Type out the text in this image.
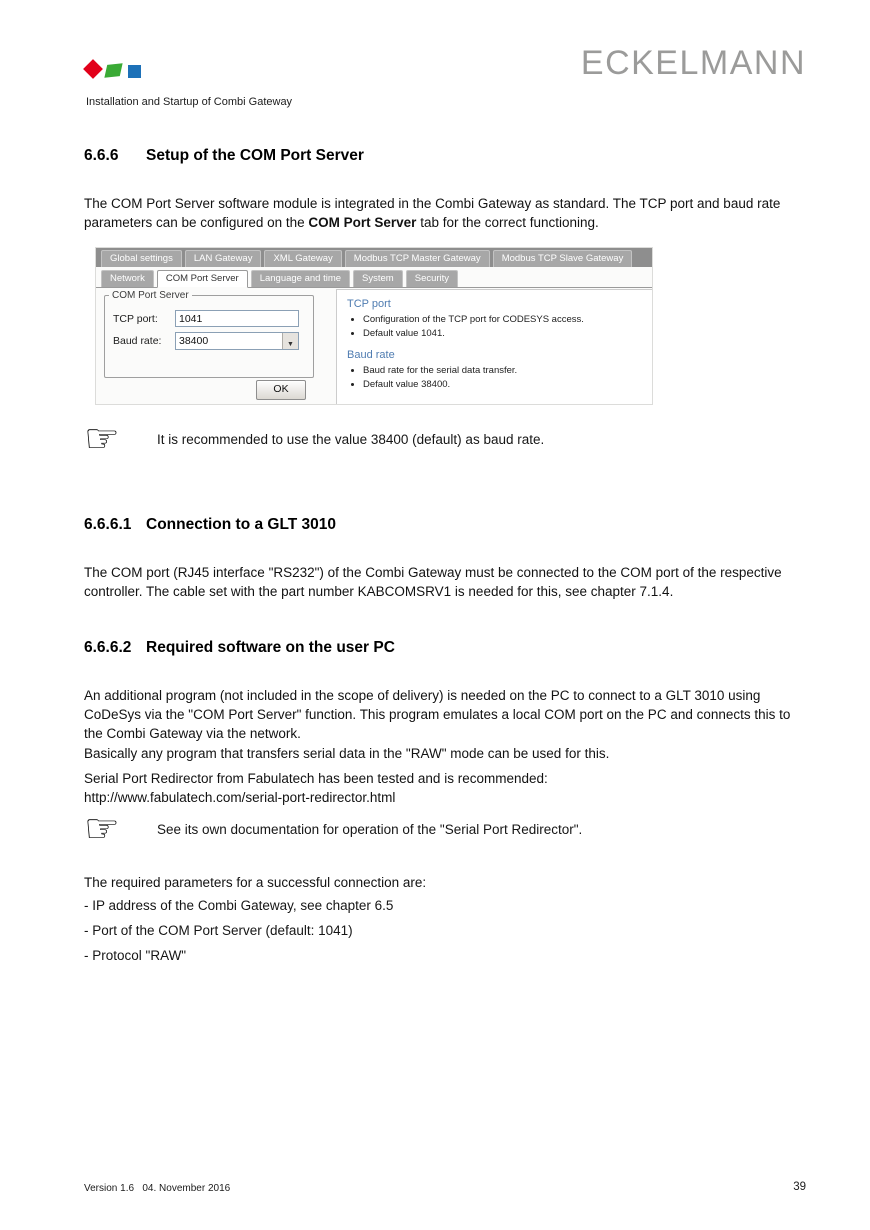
ECKELMANN
Installation and Startup of Combi Gateway
6.6.6 Setup of the COM Port Server
The COM Port Server software module is integrated in the Combi Gateway as standard. The TCP port and baud rate parameters can be configured on the COM Port Server tab for the correct functioning.
Global settings	LAN Gateway	XML Gateway	Modbus TCP Master Gateway	Modbus TCP Slave Gateway
Network	COM Port Server	Language and time	System	Security
COM Port Server
TCP port:
1041
Baud rate: 38400	▼
OK
TCP port
• Configuration of the TCP port for CODESYS access.
• Default value 1041.
Baud rate
• Baud rate for the serial data transfer.
• Default value 38400.
☞	It is recommended to use the value 38400 (default) as baud rate.
6.6.6.1 Connection to a GLT 3010
The COM port (RJ45 interface "RS232") of the Combi Gateway must be connected to the COM port of the respective controller. The cable set with the part number KABCOMSRV1 is needed for this, see chapter 7.1.4.
6.6.6.2 Required software on the user PC
An additional program (not included in the scope of delivery) is needed on the PC to connect to a GLT 3010 using CoDeSys via the "COM Port Server" function. This program emulates a local COM port on the PC and connects this to the Combi Gateway via the network.
Basically any program that transfers serial data in the "RAW" mode can be used for this.
Serial Port Redirector from Fabulatech has been tested and is recommended:
http://www.fabulatech.com/serial-port-redirector.html
☞	See its own documentation for operation of the "Serial Port Redirector".
The required parameters for a successful connection are:
- IP address of the Combi Gateway, see chapter 6.5
- Port of the COM Port Server (default: 1041)
- Protocol "RAW"
Version 1.6   04. November 2016	39
